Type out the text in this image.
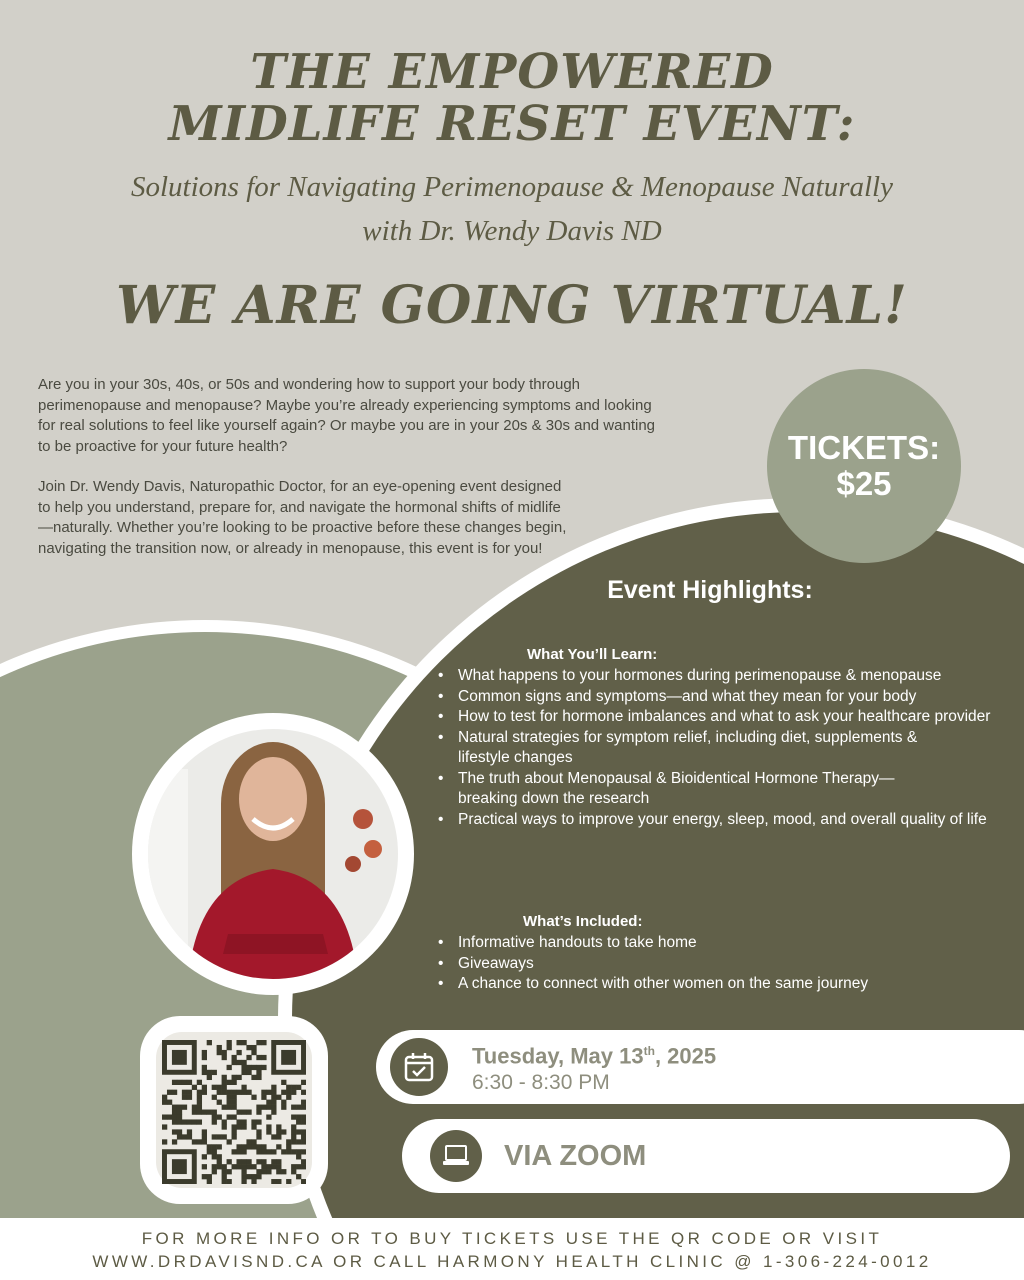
THE EMPOWERED
MIDLIFE RESET EVENT:
Solutions for Navigating Perimenopause & Menopause Naturally
with Dr. Wendy Davis ND
WE ARE GOING VIRTUAL!

Are you in your 30s, 40s, or 50s and wondering how to support your body through perimenopause and menopause? Maybe you’re already experiencing symptoms and looking for real solutions to feel like yourself again? Or maybe you are in your 20s & 30s and wanting to be proactive for your future health?

Join Dr. Wendy Davis, Naturopathic Doctor, for an eye-opening event designed to help you understand, prepare for, and navigate the hormonal shifts of midlife—naturally. Whether you’re looking to be proactive before these changes begin, navigating the transition now, or already in menopause, this event is for you!

TICKETS:
$25
Event Highlights:
What You’ll Learn:
• What happens to your hormones during perimenopause & menopause
• Common signs and symptoms—and what they mean for your body
• How to test for hormone imbalances and what to ask your healthcare provider
• Natural strategies for symptom relief, including diet, supplements & lifestyle changes
• The truth about Menopausal & Bioidentical Hormone Therapy—breaking down the research
• Practical ways to improve your energy, sleep, mood, and overall quality of life
What’s Included:
• Informative handouts to take home
• Giveaways
• A chance to connect with other women on the same journey
Tuesday, May 13th, 2025
6:30 - 8:30 PM
VIA ZOOM
FOR MORE INFO OR TO BUY TICKETS USE THE QR CODE OR VISIT
WWW.DRDAVISND.CA OR CALL HARMONY HEALTH CLINIC @ 1-306-224-0012
